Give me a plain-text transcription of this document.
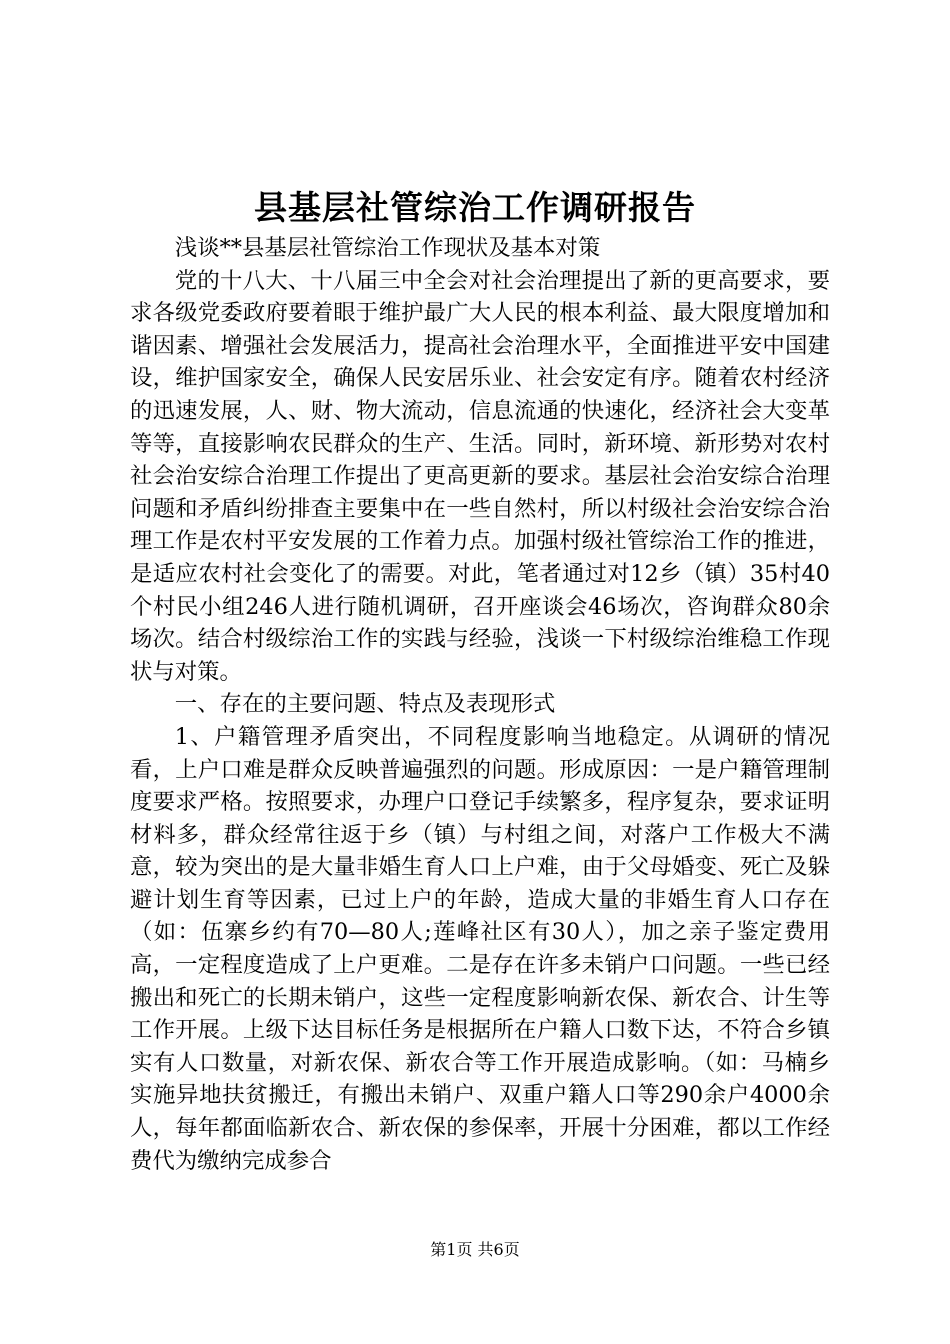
县基层社管综治工作调研报告

浅谈**县基层社管综治工作现状及基本对策

党的十八大、十八届三中全会对社会治理提出了新的更高要求，要求各级党委政府要着眼于维护最广大人民的根本利益、最大限度增加和谐因素、增强社会发展活力，提高社会治理水平，全面推进平安中国建设，维护国家安全，确保人民安居乐业、社会安定有序。随着农村经济的迅速发展，人、财、物大流动，信息流通的快速化，经济社会大变革等等，直接影响农民群众的生产、生活。同时，新环境、新形势对农村社会治安综合治理工作提出了更高更新的要求。基层社会治安综合治理问题和矛盾纠纷排查主要集中在一些自然村，所以村级社会治安综合治理工作是农村平安发展的工作着力点。加强村级社管综治工作的推进，是适应农村社会变化了的需要。对此，笔者通过对12乡（镇）35村40个村民小组246人进行随机调研，召开座谈会46场次，咨询群众80余场次。结合村级综治工作的实践与经验，浅谈一下村级综治维稳工作现状与对策。

一、存在的主要问题、特点及表现形式

1、户籍管理矛盾突出，不同程度影响当地稳定。从调研的情况看，上户口难是群众反映普遍强烈的问题。形成原因：一是户籍管理制度要求严格。按照要求，办理户口登记手续繁多，程序复杂，要求证明材料多，群众经常往返于乡（镇）与村组之间，对落户工作极大不满意，较为突出的是大量非婚生育人口上户难，由于父母婚变、死亡及躲避计划生育等因素，已过上户的年龄，造成大量的非婚生育人口存在（如：伍寨乡约有70—80人;莲峰社区有30人），加之亲子鉴定费用高，一定程度造成了上户更难。二是存在许多未销户口问题。一些已经搬出和死亡的长期未销户，这些一定程度影响新农保、新农合、计生等工作开展。上级下达目标任务是根据所在户籍人口数下达，不符合乡镇实有人口数量，对新农保、新农合等工作开展造成影响。（如：马楠乡实施异地扶贫搬迁，有搬出未销户、双重户籍人口等290余户4000余人，每年都面临新农合、新农保的参保率，开展十分困难，都以工作经费代为缴纳完成参合

第1页 共6页
